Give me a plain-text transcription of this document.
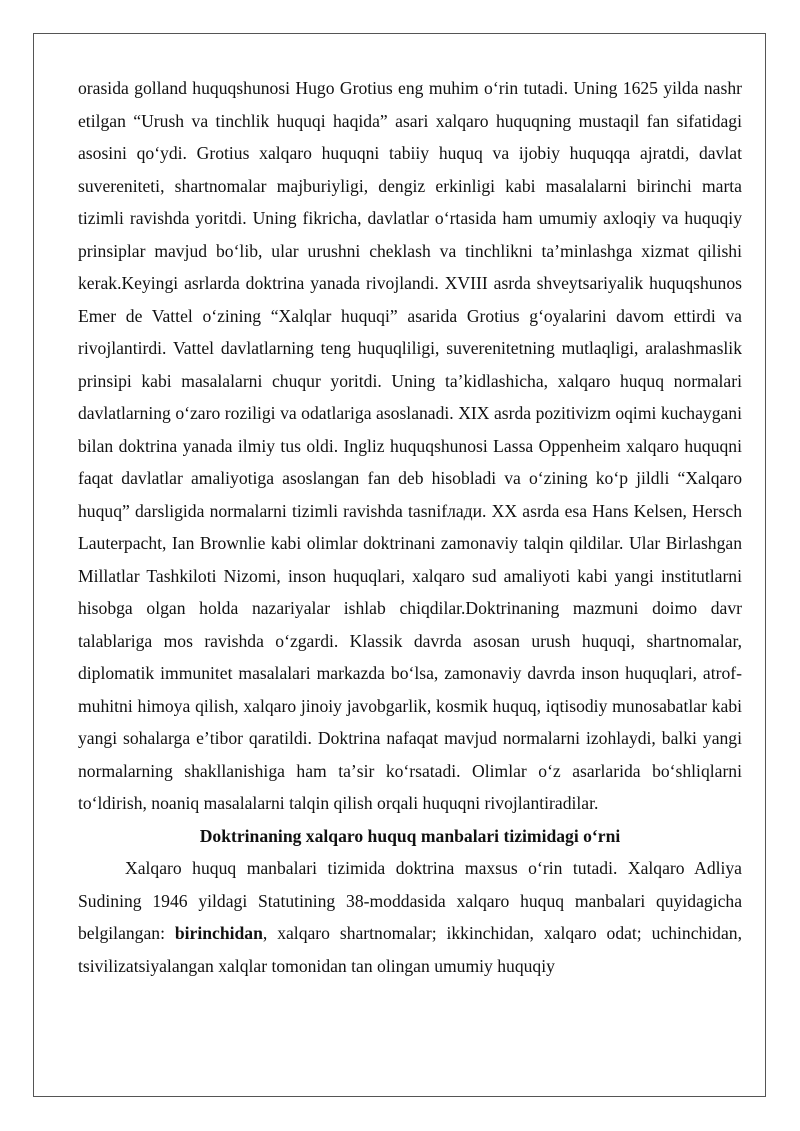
orasida golland huquqshunosi Hugo Grotius eng muhim oʻrin tutadi. Uning 1625 yilda nashr etilgan “Urush va tinchlik huquqi haqida” asari xalqaro huquqning mustaqil fan sifatidagi asosini qoʻydi. Grotius xalqaro huquqni tabiiy huquq va ijobiy huquqqa ajratdi, davlat suvereniteti, shartnomalar majburiyligi, dengiz erkinligi kabi masalalarni birinchi marta tizimli ravishda yoritdi. Uning fikricha, davlatlar oʻrtasida ham umumiy axloqiy va huquqiy prinsiplar mavjud boʻlib, ular urushni cheklash va tinchlikni taʼminlashga xizmat qilishi kerak.Keyingi asrlarda doktrina yanada rivojlandi. XVIII asrda shveytsariyalik huquqshunos Emer de Vattel oʻzining “Xalqlar huquqi” asarida Grotius gʻoyalarini davom ettirdi va rivojlantirdi. Vattel davlatlarning teng huquqliligi, suverenitetning mutlaqligi, aralashmaslik prinsipi kabi masalalarni chuqur yoritdi. Uning taʼkidlashicha, xalqaro huquq normalari davlatlarning oʻzaro roziligi va odatlariga asoslanadi. XIX asrda pozitivizm oqimi kuchaygani bilan doktrina yanada ilmiy tus oldi. Ingliz huquqshunosi Lassa Oppenheim xalqaro huquqni faqat davlatlar amaliyotiga asoslangan fan deb hisobladi va oʻzining koʻp jildli “Xalqaro huquq” darsligida normalarni tizimli ravishda tasnifлади. XX asrda esa Hans Kelsen, Hersch Lauterpacht, Ian Brownlie kabi olimlar doktrinani zamonaviy talqin qildilar. Ular Birlashgan Millatlar Tashkiloti Nizomi, inson huquqlari, xalqaro sud amaliyoti kabi yangi institutlarni hisobga olgan holda nazariyalar ishlab chiqdilar.Doktrinaning mazmuni doimo davr talablariga mos ravishda oʻzgardi. Klassik davrda asosan urush huquqi, shartnomalar, diplomatik immunitet masalalari markazda boʻlsa, zamonaviy davrda inson huquqlari, atrof-muhitni himoya qilish, xalqaro jinoiy javobgarlik, kosmik huquq, iqtisodiy munosabatlar kabi yangi sohalarga eʼtibor qaratildi. Doktrina nafaqat mavjud normalarni izohlaydi, balki yangi normalarning shakllanishiga ham taʼsir koʻrsatadi. Olimlar oʻz asarlarida boʻshliqlarni toʻldirish, noaniq masalalarni talqin qilish orqali huquqni rivojlantiradilar.

Doktrinaning xalqaro huquq manbalari tizimidagi oʻrni

Xalqaro huquq manbalari tizimida doktrina maxsus oʻrin tutadi. Xalqaro Adliya Sudining 1946 yildagi Statutining 38-moddasida xalqaro huquq manbalari quyidagicha belgilangan: birinchidan, xalqaro shartnomalar; ikkinchidan, xalqaro odat; uchinchidan, tsivilizatsiyalangan xalqlar tomonidan tan olingan umumiy huquqiy
